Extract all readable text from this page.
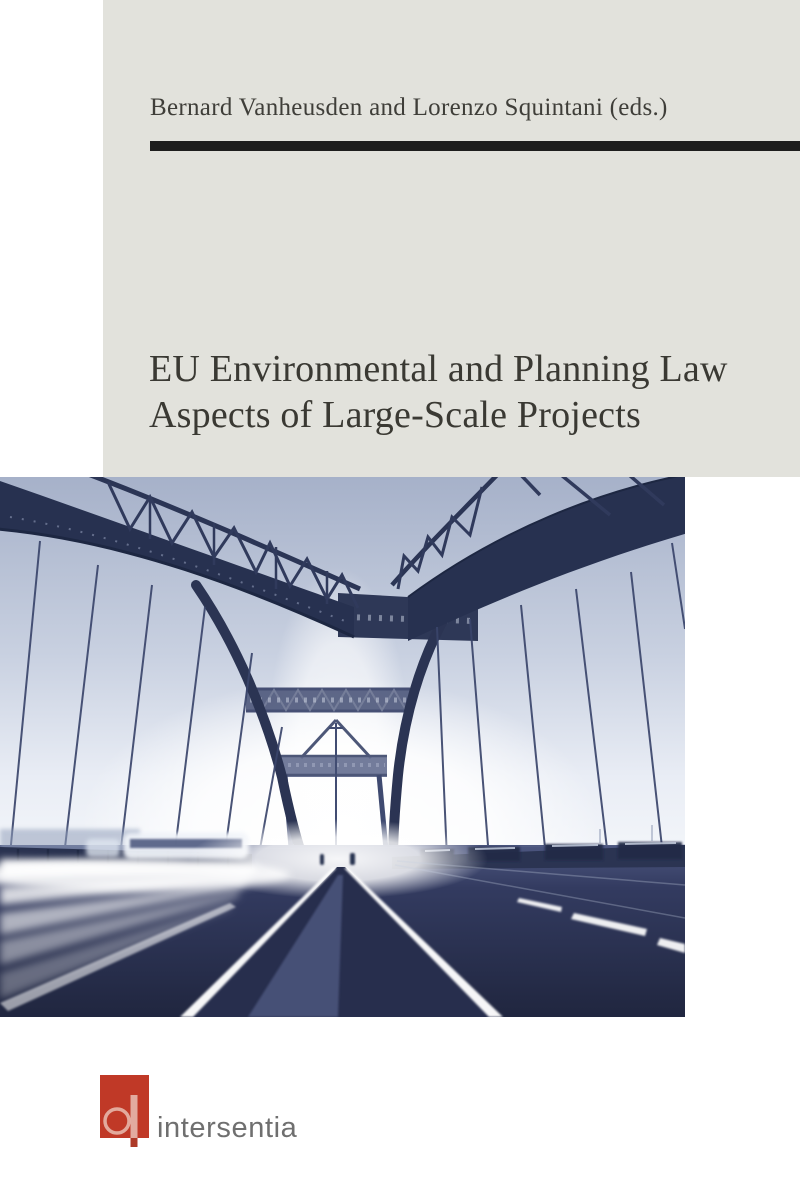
Bernard Vanheusden and Lorenzo Squintani (eds.)
EU Environmental and Planning Law
Aspects of Large-Scale Projects
intersentia
